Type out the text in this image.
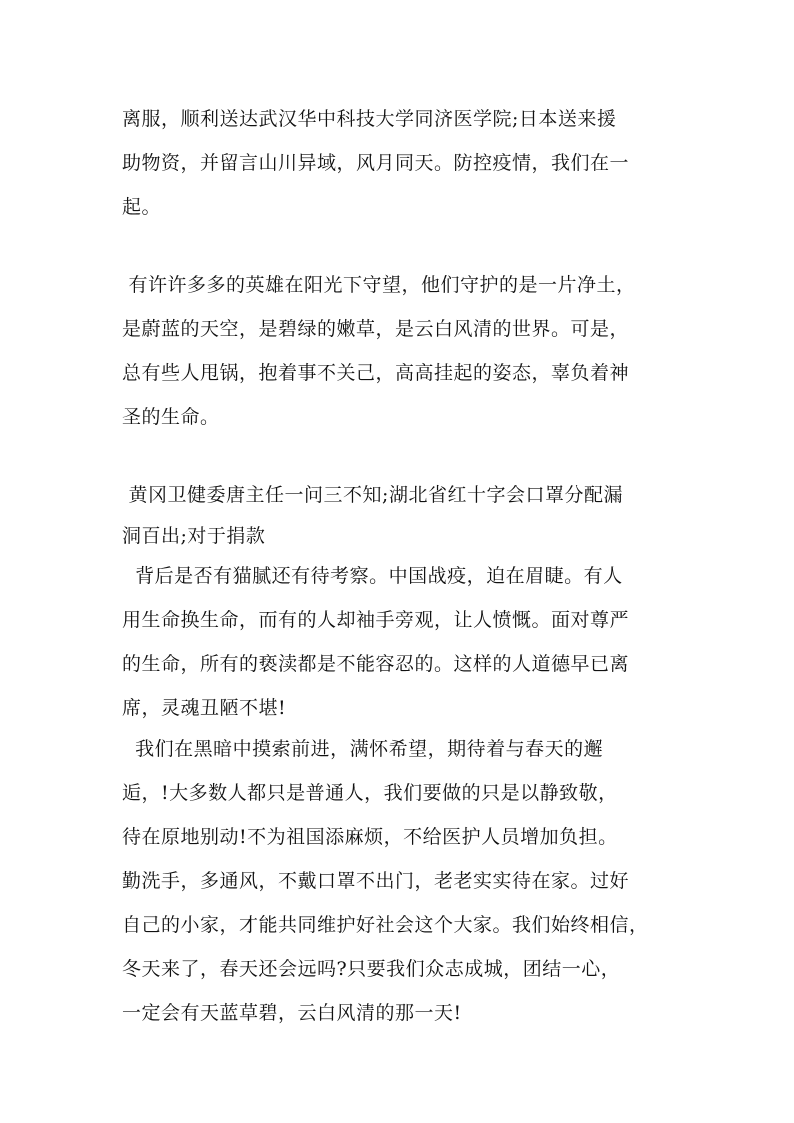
离服，顺利送达武汉华中科技大学同济医学院;日本送来援
助物资，并留言山川异域，风月同天。防控疫情，我们在一
起。
有许许多多的英雄在阳光下守望，他们守护的是一片净土，
是蔚蓝的天空，是碧绿的嫩草，是云白风清的世界。可是，
总有些人甩锅，抱着事不关己，高高挂起的姿态，辜负着神
圣的生命。
黄冈卫健委唐主任一问三不知;湖北省红十字会口罩分配漏
洞百出;对于捐款
背后是否有猫腻还有待考察。中国战疫，迫在眉睫。有人
用生命换生命，而有的人却袖手旁观，让人愤慨。面对尊严
的生命，所有的亵渎都是不能容忍的。这样的人道德早已离
席，灵魂丑陋不堪!
我们在黑暗中摸索前进，满怀希望，期待着与春天的邂
逅，!大多数人都只是普通人，我们要做的只是以静致敬，
待在原地别动!不为祖国添麻烦，不给医护人员增加负担。
勤洗手，多通风，不戴口罩不出门，老老实实待在家。过好
自己的小家，才能共同维护好社会这个大家。我们始终相信，
冬天来了，春天还会远吗?只要我们众志成城，团结一心，
一定会有天蓝草碧，云白风清的那一天!
